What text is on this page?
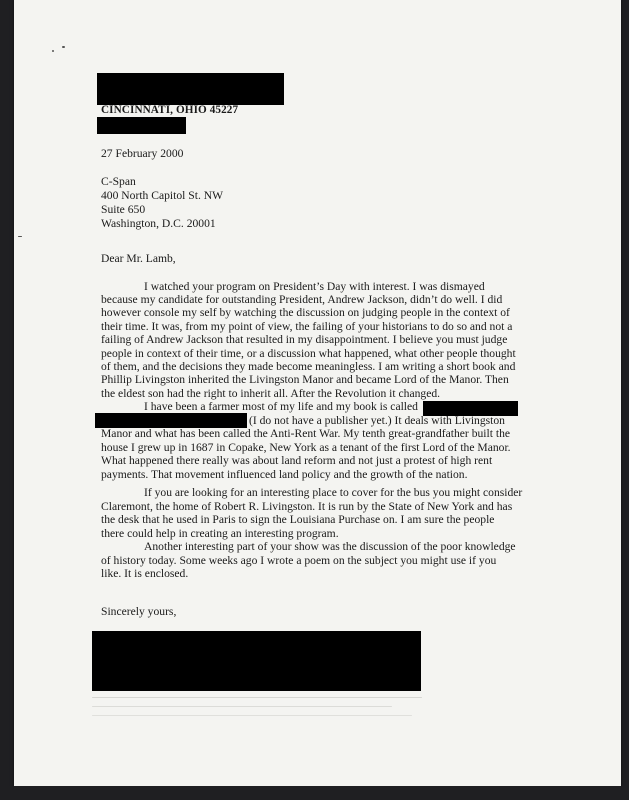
CINCINNATI, OHIO 45227
27 February 2000
C-Span
400 North Capitol St. NW
Suite 650
Washington, D.C. 20001
Dear Mr. Lamb,
I watched your program on President’s Day with interest. I was dismayed
because my candidate for outstanding President, Andrew Jackson, didn’t do well. I did
however console my self by watching the discussion on judging people in the context of
their time. It was, from my point of view, the failing of your historians to do so and not a
failing of Andrew Jackson that resulted in my disappointment. I believe you must judge
people in context of their time, or a discussion what happened, what other people thought
of them, and the decisions they made become meaningless. I am writing a short book and
Phillip Livingston inherited the Livingston Manor and became Lord of the Manor. Then
the eldest son had the right to inherit all. After the Revolution it changed.
I have been a farmer most of my life and my book is called
(I do not have a publisher yet.) It deals with Livingston
Manor and what has been called the Anti-Rent War. My tenth great-grandfather built the
house I grew up in 1687 in Copake, New York as a tenant of the first Lord of the Manor.
What happened there really was about land reform and not just a protest of high rent
payments. That movement influenced land policy and the growth of the nation.
If you are looking for an interesting place to cover for the bus you might consider
Claremont, the home of Robert R. Livingston. It is run by the State of New York and has
the desk that he used in Paris to sign the Louisiana Purchase on. I am sure the people
there could help in creating an interesting program.
Another interesting part of your show was the discussion of the poor knowledge
of history today. Some weeks ago I wrote a poem on the subject you might use if you
like. It is enclosed.
Sincerely yours,
